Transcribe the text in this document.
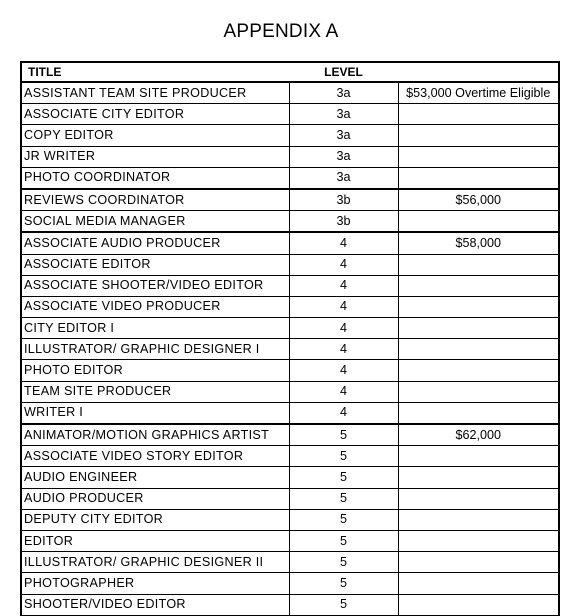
APPENDIX A
TITLE	LEVEL	
ASSISTANT TEAM SITE PRODUCER	3a	$53,000 Overtime Eligible
ASSOCIATE CITY EDITOR	3a	
COPY EDITOR	3a	
JR WRITER	3a	
PHOTO COORDINATOR	3a	
REVIEWS COORDINATOR	3b	$56,000
SOCIAL MEDIA MANAGER	3b	
ASSOCIATE AUDIO PRODUCER	4	$58,000
ASSOCIATE EDITOR	4	
ASSOCIATE SHOOTER/VIDEO EDITOR	4	
ASSOCIATE VIDEO PRODUCER	4	
CITY EDITOR I	4	
ILLUSTRATOR/ GRAPHIC DESIGNER I	4	
PHOTO EDITOR	4	
TEAM SITE PRODUCER	4	
WRITER I	4	
ANIMATOR/MOTION GRAPHICS ARTIST	5	$62,000
ASSOCIATE VIDEO STORY EDITOR	5	
AUDIO ENGINEER	5	
AUDIO PRODUCER	5	
DEPUTY CITY EDITOR	5	
EDITOR	5	
ILLUSTRATOR/ GRAPHIC DESIGNER II	5	
PHOTOGRAPHER	5	
SHOOTER/VIDEO EDITOR	5	
